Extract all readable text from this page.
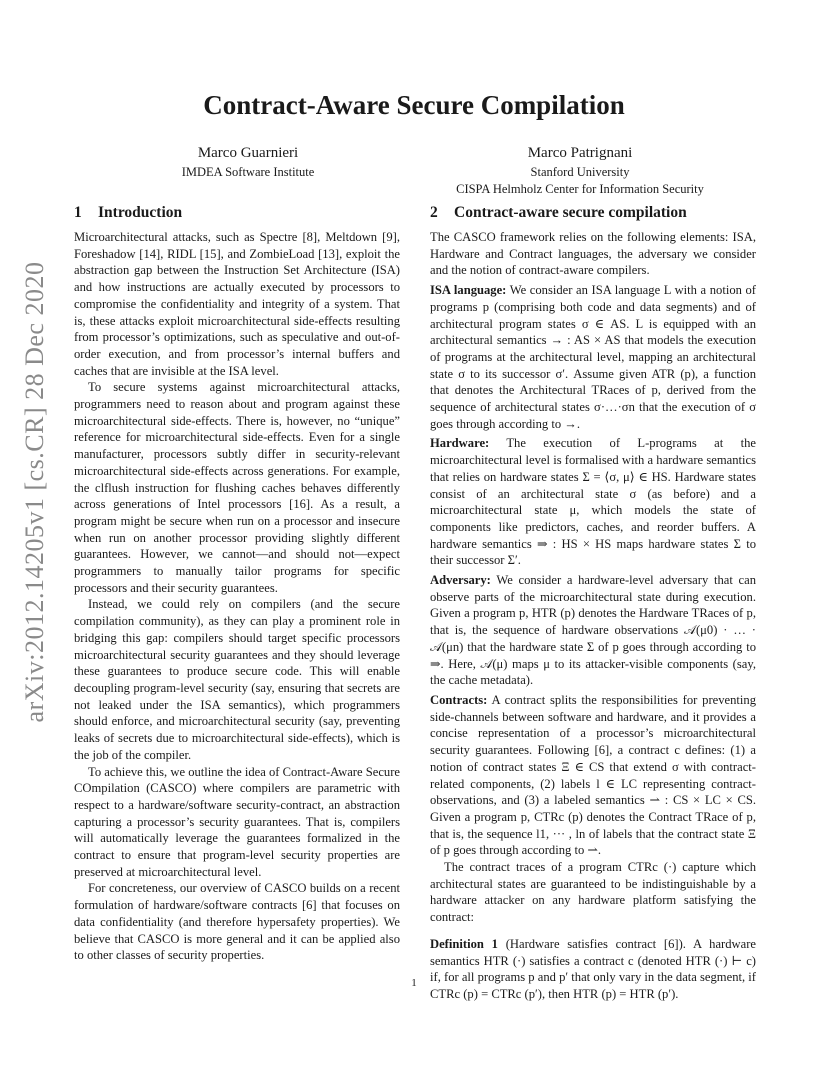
arXiv:2012.14205v1 [cs.CR] 28 Dec 2020
Contract-Aware Secure Compilation
Marco Guarnieri
IMDEA Software Institute
Marco Patrignani
Stanford University
CISPA Helmholz Center for Information Security
1 Introduction

Microarchitectural attacks, such as Spectre [8], Meltdown [9], Foreshadow [14], RIDL [15], and ZombieLoad [13], exploit the abstraction gap between the Instruction Set Architecture (ISA) and how instructions are actually executed by processors to compromise the confidentiality and integrity of a system. That is, these attacks exploit microarchitectural side-effects resulting from processor’s optimizations, such as speculative and out-of-order execution, and from processor’s internal buffers and caches that are invisible at the ISA level.

To secure systems against microarchitectural attacks, programmers need to reason about and program against these microarchitectural side-effects. There is, however, no “unique” reference for microarchitectural side-effects. Even for a single manufacturer, processors subtly differ in security-relevant microarchitectural side-effects across generations. For example, the clflush instruction for flushing caches behaves differently across generations of Intel processors [16]. As a result, a program might be secure when run on a processor and insecure when run on another processor providing slightly different guarantees. However, we cannot—and should not—expect programmers to manually tailor programs for specific processors and their security guarantees.

Instead, we could rely on compilers (and the secure compilation community), as they can play a prominent role in bridging this gap: compilers should target specific processors microarchitectural security guarantees and they should leverage these guarantees to produce secure code. This will enable decoupling program-level security (say, ensuring that secrets are not leaked under the ISA semantics), which programmers should enforce, and microarchitectural security (say, preventing leaks of secrets due to microarchitectural side-effects), which is the job of the compiler.

To achieve this, we outline the idea of Contract-Aware Secure COmpilation (CASCO) where compilers are parametric with respect to a hardware/software security-contract, an abstraction capturing a processor’s security guarantees. That is, compilers will automatically leverage the guarantees formalized in the contract to ensure that program-level security properties are preserved at microarchitectural level.

For concreteness, our overview of CASCO builds on a recent formulation of hardware/software contracts [6] that focuses on data confidentiality (and therefore hypersafety properties). We believe that CASCO is more general and it can be applied also to other classes of security properties.

2 Contract-aware secure compilation

The CASCO framework relies on the following elements: ISA, Hardware and Contract languages, the adversary we consider and the notion of contract-aware compilers.

ISA language: We consider an ISA language L with a notion of programs p (comprising both code and data segments) and of architectural program states σ ∈ AS. L is equipped with an architectural semantics → : AS × AS that models the execution of programs at the architectural level, mapping an architectural state σ to its successor σ′. Assume given ATR (p), a function that denotes the Architectural TRaces of p, derived from the sequence of architectural states σ·…·σn that the execution of σ goes through according to →.

Hardware: The execution of L-programs at the microarchitectural level is formalised with a hardware semantics that relies on hardware states Σ = ⟨σ, μ⟩ ∈ HS. Hardware states consist of an architectural state σ (as before) and a microarchitectural state μ, which models the state of components like predictors, caches, and reorder buffers. A hardware semantics ⇒ : HS × HS maps hardware states Σ to their successor Σ′.

Adversary: We consider a hardware-level adversary that can observe parts of the microarchitectural state during execution. Given a program p, HTR (p) denotes the Hardware TRaces of p, that is, the sequence of hardware observations 𝒜(μ0) · … · 𝒜(μn) that the hardware state Σ of p goes through according to ⇒. Here, 𝒜(μ) maps μ to its attacker-visible components (say, the cache metadata).

Contracts: A contract splits the responsibilities for preventing side-channels between software and hardware, and it provides a concise representation of a processor’s microarchitectural security guarantees. Following [6], a contract c defines: (1) a notion of contract states Ξ ∈ CS that extend σ with contract-related components, (2) labels l ∈ LC representing contract-observations, and (3) a labeled semantics ⇀ : CS × LC × CS. Given a program p, CTRc (p) denotes the Contract TRace of p, that is, the sequence l1, ··· , ln of labels that the contract state Ξ of p goes through according to ⇀.

The contract traces of a program CTRc (·) capture which architectural states are guaranteed to be indistinguishable by a hardware attacker on any hardware platform satisfying the contract:

Definition 1 (Hardware satisfies contract [6]). A hardware semantics HTR (·) satisfies a contract c (denoted HTR (·) ⊢ c) if, for all programs p and p′ that only vary in the data segment, if CTRc (p) = CTRc (p′), then HTR (p) = HTR (p′).

1
